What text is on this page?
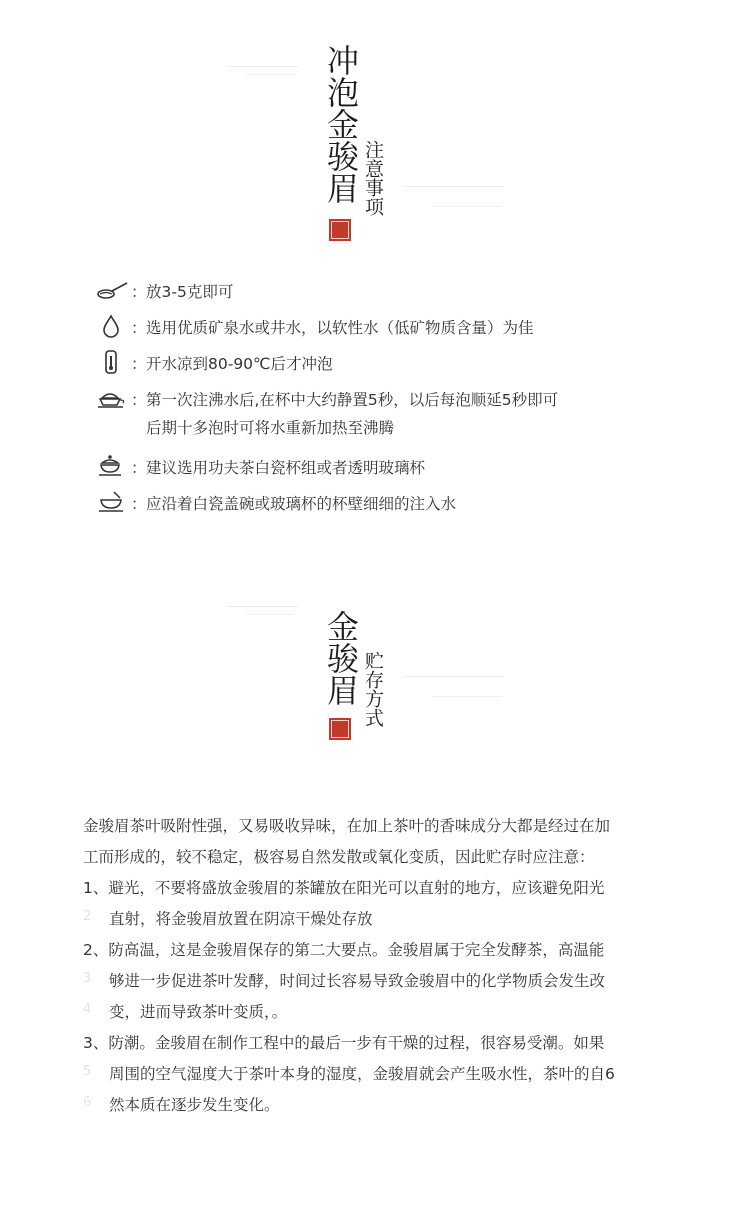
冲泡金骏眉 注意事项
： 放3-5克即可
： 选用优质矿泉水或井水，以软性水（低矿物质含量）为佳
： 开水凉到80-90℃后才冲泡
： 第一次注沸水后,在杯中大约静置5秒，以后每泡顺延5秒即可
后期十多泡时可将水重新加热至沸腾
： 建议选用功夫茶白瓷杯组或者透明玻璃杯
： 应沿着白瓷盖碗或玻璃杯的杯壁细细的注入水
金骏眉 贮存方式
金骏眉茶叶吸附性强，又易吸收异味，在加上茶叶的香味成分大都是经过在加
工而形成的，较不稳定，极容易自然发散或氧化变质，因此贮存时应注意：
1、避光，不要将盛放金骏眉的茶罐放在阳光可以直射的地方，应该避免阳光
2 直射，将金骏眉放置在阴凉干燥处存放
2、防高温，这是金骏眉保存的第二大要点。金骏眉属于完全发酵茶，高温能
3 够进一步促进茶叶发酵，时间过长容易导致金骏眉中的化学物质会发生改
4 变，进而导致茶叶变质，。
3、防潮。金骏眉在制作工程中的最后一步有干燥的过程，很容易受潮。如果
5 周围的空气湿度大于茶叶本身的湿度，金骏眉就会产生吸水性，茶叶的自6
6 然本质在逐步发生变化。
